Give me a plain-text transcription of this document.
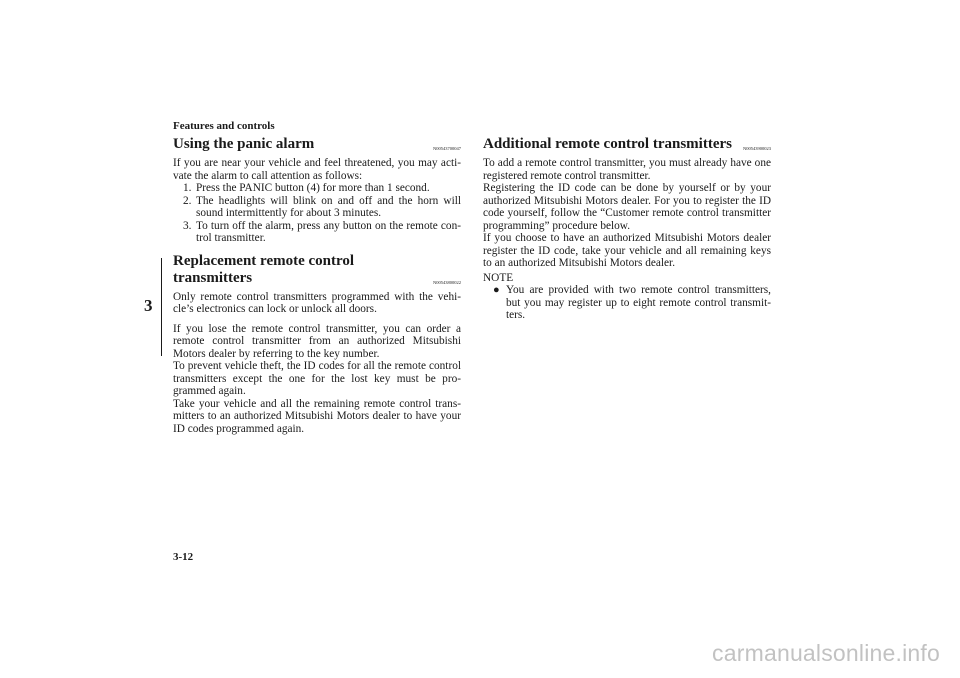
Features and controls
3
Using the panic alarm	N00543700047

If you are near your vehicle and feel threatened, you may acti-vate the alarm to call attention as follows:

1. Press the PANIC button (4) for more than 1 second.
2. The headlights will blink on and off and the horn will sound intermittently for about 3 minutes.
3. To turn off the alarm, press any button on the remote con-trol transmitter.
Replacement remote control transmitters	N00543800022

Only remote control transmitters programmed with the vehi-cle’s electronics can lock or unlock all doors.

If you lose the remote control transmitter, you can order a remote control transmitter from an authorized Mitsubishi Motors dealer by referring to the key number.

To prevent vehicle theft, the ID codes for all the remote control transmitters except the one for the lost key must be pro-grammed again.

Take your vehicle and all the remaining remote control trans-mitters to an authorized Mitsubishi Motors dealer to have your ID codes programmed again.

Additional remote control transmitters N00543900023

To add a remote control transmitter, you must already have one registered remote control transmitter.

Registering the ID code can be done by yourself or by your authorized Mitsubishi Motors dealer. For you to register the ID code yourself, follow the “Customer remote control transmitter programming” procedure below.

If you choose to have an authorized Mitsubishi Motors dealer register the ID code, take your vehicle and all remaining keys to an authorized Mitsubishi Motors dealer.

NOTE
● You are provided with two remote control transmitters, but you may register up to eight remote control transmit-ters.
3-12
carmanualsonline.info
